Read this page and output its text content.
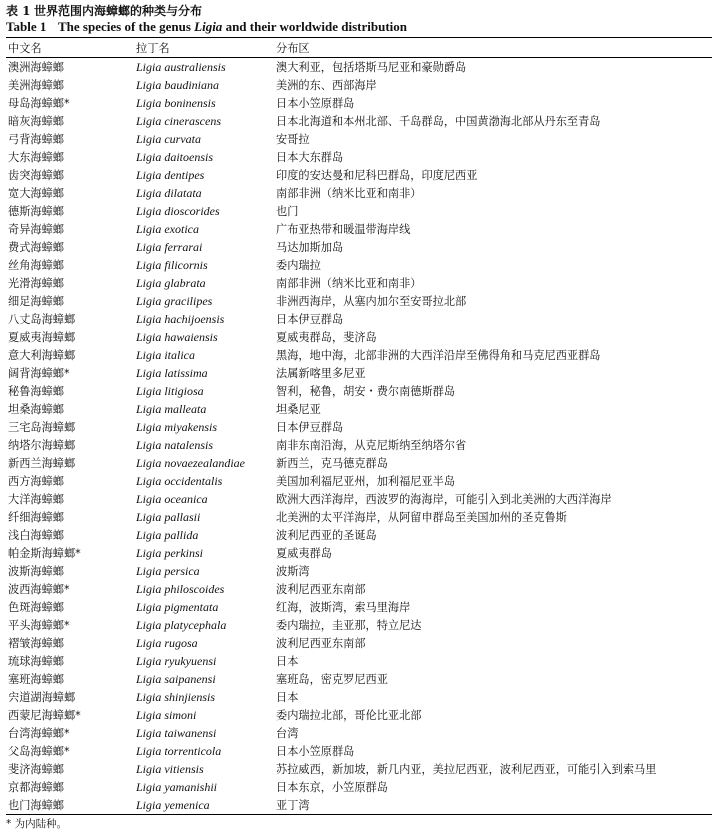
表 1 世界范围内海蟑螂的种类与分布
Table 1 The species of the genus Ligia and their worldwide distribution
中文名	拉丁名	分布区
澳洲海蟑螂	Ligia australiensis	澳大利亚，包括塔斯马尼亚和豪勋爵岛
美洲海蟑螂	Ligia baudiniana	美洲的东、西部海岸
母岛海蟑螂*	Ligia boninensis	日本小笠原群岛
暗灰海蟑螂	Ligia cinerascens	日本北海道和本州北部、千岛群岛，中国黄渤海北部从丹东至青岛
弓背海蟑螂	Ligia curvata	安哥拉
大东海蟑螂	Ligia daitoensis	日本大东群岛
齿突海蟑螂	Ligia dentipes	印度的安达曼和尼科巴群岛，印度尼西亚
宽大海蟑螂	Ligia dilatata	南部非洲（纳米比亚和南非）
德斯海蟑螂	Ligia dioscorides	也门
奇异海蟑螂	Ligia exotica	广布亚热带和暖温带海岸线
费式海蟑螂	Ligia ferrarai	马达加斯加岛
丝角海蟑螂	Ligia filicornis	委内瑞拉
光滑海蟑螂	Ligia glabrata	南部非洲（纳米比亚和南非）
细足海蟑螂	Ligia gracilipes	非洲西海岸，从塞内加尔至安哥拉北部
八丈岛海蟑螂	Ligia hachijoensis	日本伊豆群岛
夏威夷海蟑螂	Ligia hawaiensis	夏威夷群岛，斐济岛
意大利海蟑螂	Ligia italica	黑海，地中海，北部非洲的大西洋沿岸至佛得角和马克尼西亚群岛
阔背海蟑螂*	Ligia latissima	法属新喀里多尼亚
秘鲁海蟑螂	Ligia litigiosa	智利，秘鲁，胡安・费尔南德斯群岛
坦桑海蟑螂	Ligia malleata	坦桑尼亚
三宅岛海蟑螂	Ligia miyakensis	日本伊豆群岛
纳塔尔海蟑螂	Ligia natalensis	南非东南沿海，从克尼斯纳至纳塔尔省
新西兰海蟑螂	Ligia novaezealandiae	新西兰，克马德克群岛
西方海蟑螂	Ligia occidentalis	美国加利福尼亚州，加利福尼亚半岛
大洋海蟑螂	Ligia oceanica	欧洲大西洋海岸，西波罗的海海岸，可能引入到北美洲的大西洋海岸
纤细海蟑螂	Ligia pallasii	北美洲的太平洋海岸，从阿留申群岛至美国加州的圣克鲁斯
浅白海蟑螂	Ligia pallida	波利尼西亚的圣诞岛
帕金斯海蟑螂*	Ligia perkinsi	夏威夷群岛
波斯海蟑螂	Ligia persica	波斯湾
波西海蟑螂*	Ligia philoscoides	波利尼西亚东南部
色斑海蟑螂	Ligia pigmentata	红海，波斯湾，索马里海岸
平头海蟑螂*	Ligia platycephala	委内瑞拉，圭亚那，特立尼达
褶皱海蟑螂	Ligia rugosa	波利尼西亚东南部
琉球海蟑螂	Ligia ryukyuensi	日本
塞班海蟑螂	Ligia saipanensi	塞班岛，密克罗尼西亚
宍道湖海蟑螂	Ligia shinjiensis	日本
西蒙尼海蟑螂*	Ligia simoni	委内瑞拉北部，哥伦比亚北部
台湾海蟑螂*	Ligia taiwanensi	台湾
父岛海蟑螂*	Ligia torrenticola	日本小笠原群岛
斐济海蟑螂	Ligia vitiensis	苏拉威西，新加坡，新几内亚，美拉尼西亚，波利尼西亚，可能引入到索马里
京都海蟑螂	Ligia yamanishii	日本东京，小笠原群岛
也门海蟑螂	Ligia yemenica	亚丁湾
* 为内陆种。
